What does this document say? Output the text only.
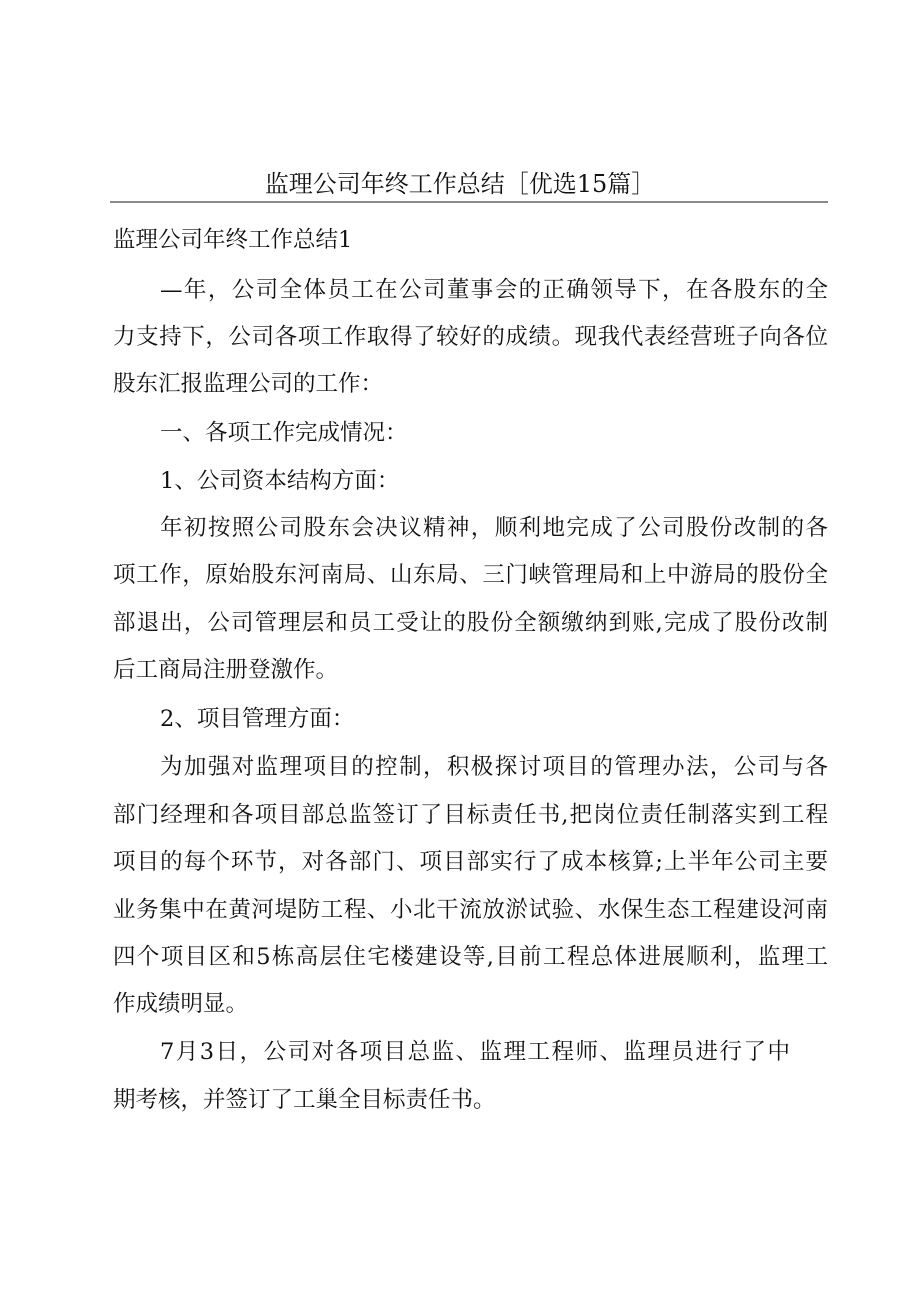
监理公司年终工作总结［优选15篇］
监理公司年终工作总结1
—年，公司全体员工在公司董事会的正确领导下，在各股东的全
力支持下，公司各项工作取得了较好的成绩。现我代表经营班子向各位
股东汇报监理公司的工作：
一、各项工作完成情况：
1、公司资本结构方面：
年初按照公司股东会决议精神，顺利地完成了公司股份改制的各
项工作，原始股东河南局、山东局、三门峡管理局和上中游局的股份全
部退出，公司管理层和员工受让的股份全额缴纳到账,完成了股份改制
后工商局注册登激作。
2、项目管理方面：
为加强对监理项目的控制，积极探讨项目的管理办法，公司与各
部门经理和各项目部总监签订了目标责任书,把岗位责任制落实到工程
项目的每个环节，对各部门、项目部实行了成本核算;上半年公司主要
业务集中在黄河堤防工程、小北干流放淤试验、水保生态工程建设河南
四个项目区和5栋高层住宅楼建设等,目前工程总体进展顺利，监理工
作成绩明显。
7月3日，公司对各项目总监、监理工程师、监理员进行了中
期考核，并签订了工巢全目标责任书。
